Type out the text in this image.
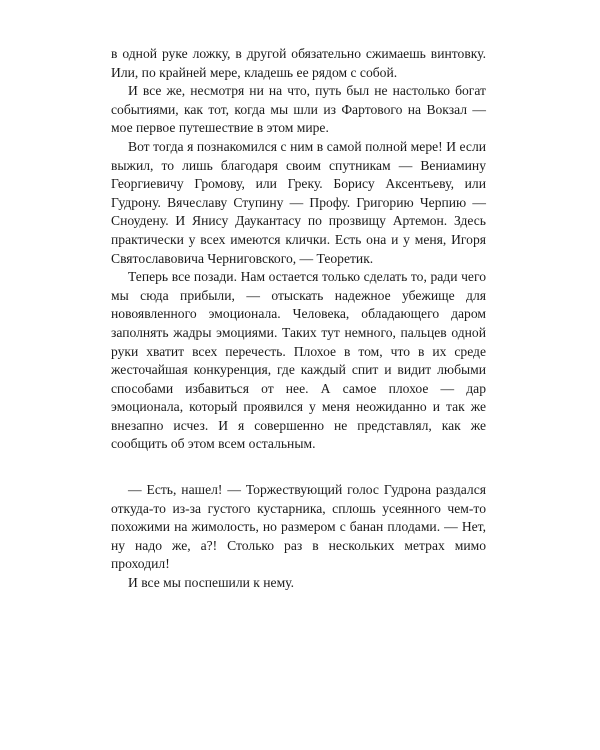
в одной руке ложку, в другой обязательно сжимаешь винтовку. Или, по крайней мере, кладешь ее рядом с собой.

И все же, несмотря ни на что, путь был не настолько богат событиями, как тот, когда мы шли из Фартового на Вокзал — мое первое путешествие в этом мире.

Вот тогда я познакомился с ним в самой полной мере! И если выжил, то лишь благодаря своим спутникам — Вениамину Георгиевичу Громову, или Греку. Борису Аксентьеву, или Гудрону. Вячеславу Ступину — Профу. Григорию Черпию — Сноудену. И Янису Даукантасу по прозвищу Артемон. Здесь практически у всех имеются клички. Есть она и у меня, Игоря Святославовича Черниговского, — Теоретик.

Теперь все позади. Нам остается только сделать то, ради чего мы сюда прибыли, — отыскать надежное убежище для новоявленного эмоционала. Человека, обладающего даром заполнять жадры эмоциями. Таких тут немного, пальцев одной руки хватит всех перечесть. Плохое в том, что в их среде жесточайшая конкуренция, где каждый спит и видит любыми способами избавиться от нее. А самое плохое — дар эмоционала, который проявился у меня неожиданно и так же внезапно исчез. И я совершенно не представлял, как же сообщить об этом всем остальным.

— Есть, нашел! — Торжествующий голос Гудрона раздался откуда-то из-за густого кустарника, сплошь усеянного чем-то похожими на жимолость, но размером с банан плодами. — Нет, ну надо же, а?! Столько раз в нескольких метрах мимо проходил!

И все мы поспешили к нему.
